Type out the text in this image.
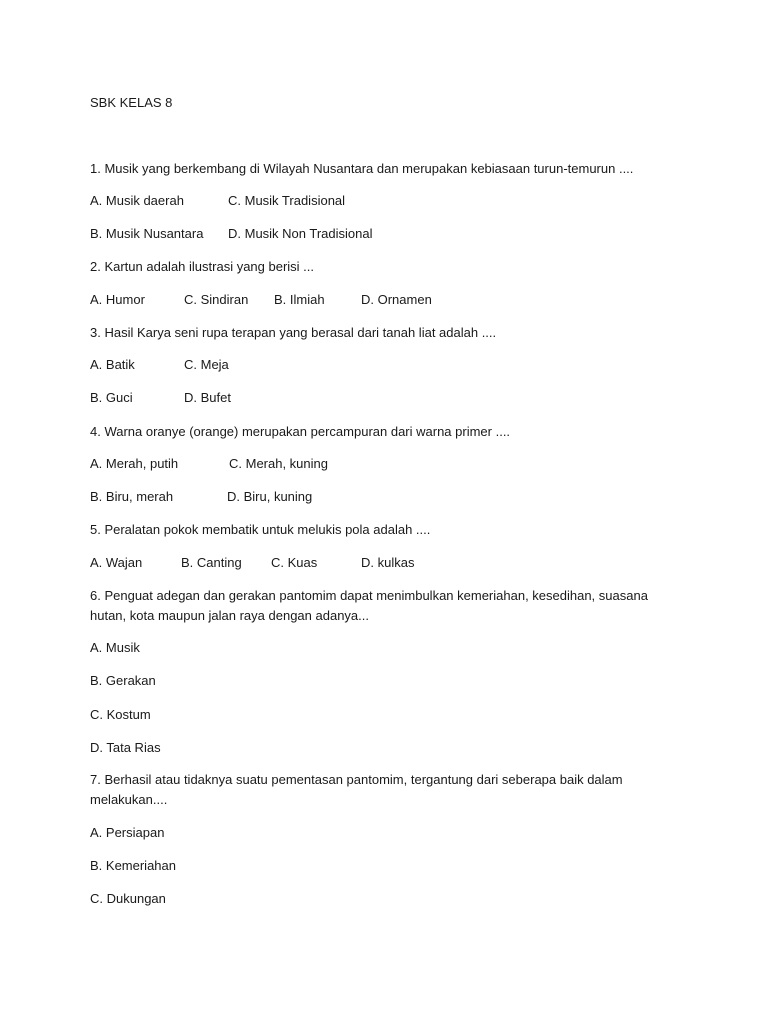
SBK KELAS 8
1. Musik yang berkembang di Wilayah Nusantara dan merupakan kebiasaan turun-temurun ....
A. Musik daerah	C. Musik Tradisional
B. Musik Nusantara D. Musik Non Tradisional
2. Kartun adalah ilustrasi yang berisi ...
A. Humor	C. Sindiran B. Ilmiah	D. Ornamen
3. Hasil Karya seni rupa terapan yang berasal dari tanah liat adalah ....
A. Batik	C. Meja
B. Guci	D. Bufet
4. Warna oranye (orange) merupakan percampuran dari warna primer ....
A. Merah, putih	C. Merah, kuning
B. Biru, merah	D. Biru, kuning
5. Peralatan pokok membatik untuk melukis pola adalah ....
A. Wajan	B. Canting C. Kuas	D. kulkas
6. Penguat adegan dan gerakan pantomim dapat menimbulkan kemeriahan, kesedihan, suasana hutan, kota maupun jalan raya dengan adanya...
A. Musik
B. Gerakan
C. Kostum
D. Tata Rias
7. Berhasil atau tidaknya suatu pementasan pantomim, tergantung dari seberapa baik dalam melakukan....
A. Persiapan
B. Kemeriahan
C. Dukungan
